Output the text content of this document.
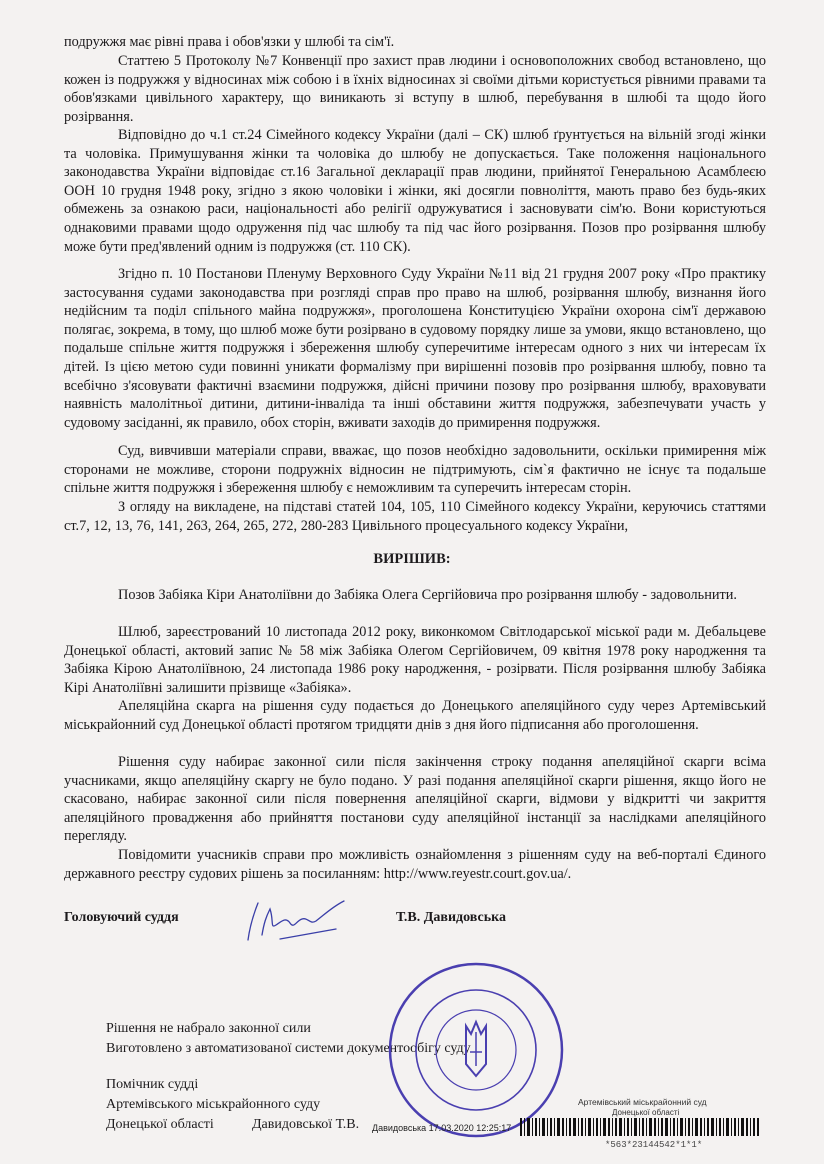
подружжя має рівні права і обов'язки у шлюбі та сім'ї.

Статтею 5 Протоколу №7 Конвенції про захист прав людини і основоположних свобод встановлено, що кожен із подружжя у відносинах між собою і в їхніх відносинах зі своїми дітьми користується рівними правами та обов'язками цивільного характеру, що виникають зі вступу в шлюб, перебування в шлюбі та щодо його розірвання.

Відповідно до ч.1 ст.24 Сімейного кодексу України (далі – СК) шлюб ґрунтується на вільній згоді жінки та чоловіка. Примушування жінки та чоловіка до шлюбу не допускається. Таке положення національного законодавства України відповідає ст.16 Загальної декларації прав людини, прийнятої Генеральною Асамблеєю ООН 10 грудня 1948 року, згідно з якою чоловіки і жінки, які досягли повноліття, мають право без будь-яких обмежень за ознакою раси, національності або релігії одружуватися і засновувати сім'ю. Вони користуються однаковими правами щодо одруження під час шлюбу та під час його розірвання. Позов про розірвання шлюбу може бути пред'явлений одним із подружжя (ст. 110 СК).

Згідно п. 10 Постанови Пленуму Верховного Суду України №11 від 21 грудня 2007 року «Про практику застосування судами законодавства при розгляді справ про право на шлюб, розірвання шлюбу, визнання його недійсним та поділ спільного майна подружжя», проголошена Конституцією України охорона сім'ї державою полягає, зокрема, в тому, що шлюб може бути розірвано в судовому порядку лише за умови, якщо встановлено, що подальше спільне життя подружжя і збереження шлюбу суперечитиме інтересам одного з них чи інтересам їх дітей. Із цією метою суди повинні уникати формалізму при вирішенні позовів про розірвання шлюбу, повно та всебічно з'ясовувати фактичні взаємини подружжя, дійсні причини позову про розірвання шлюбу, враховувати наявність малолітньої дитини, дитини-інваліда та інші обставини життя подружжя, забезпечувати участь у судовому засіданні, як правило, обох сторін, вживати заходів до примирення подружжя.

Суд, вивчивши матеріали справи, вважає, що позов необхідно задовольнити, оскільки примирення між сторонами не можливе, сторони подружніх відносин не підтримують, сім`я фактично не існує та подальше спільне життя подружжя і збереження шлюбу є неможливим та суперечить інтересам сторін.

З огляду на викладене, на підставі статей 104, 105, 110 Сімейного кодексу України, керуючись статтями ст.7, 12, 13, 76, 141, 263, 264, 265, 272, 280-283 Цивільного процесуального кодексу України,

ВИРІШИВ:

Позов Забіяка Кіри Анатоліївни до Забіяка Олега Сергійовича про розірвання шлюбу - задовольнити.

Шлюб, зареєстрований 10 листопада 2012 року, виконкомом Світлодарської міської ради м. Дебальцеве Донецької області, актовий запис № 58 між Забіяка Олегом Сергійовичем, 09 квітня 1978 року народження та Забіяка Кірою Анатоліївною, 24 листопада 1986 року народження, - розірвати. Після розірвання шлюбу Забіяка Кірі Анатоліївні залишити прізвище «Забіяка».

Апеляційна скарга на рішення суду подається до Донецького апеляційного суду через Артемівський міськрайонний суд Донецької області протягом тридцяти днів з дня його підписання або проголошення.

Рішення суду набирає законної сили після закінчення строку подання апеляційної скарги всіма учасниками, якщо апеляційну скаргу не було подано. У разі подання апеляційної скарги рішення, якщо його не скасовано, набирає законної сили після повернення апеляційної скарги, відмови у відкритті чи закриття апеляційного провадження або прийняття постанови суду апеляційної інстанції за наслідками апеляційного перегляду.

Повідомити учасників справи про можливість ознайомлення з рішенням суду на веб-порталі Єдиного державного реєстру судових рішень за посиланням: http://www.reyestr.court.gov.ua/.

Головуючий суддя	Т.В. Давидовська
Рішення не набрало законної сили
Виготовлено з автоматизованої системи документообігу суду
Помічник судді
Артемівського міськрайонного суду
Донецької області	Давидовської Т.В.
Артемівський міськрайонний суд
Донецької області
Давидовська 17.03.2020 12:25:17
*563*23144542*1*1*
